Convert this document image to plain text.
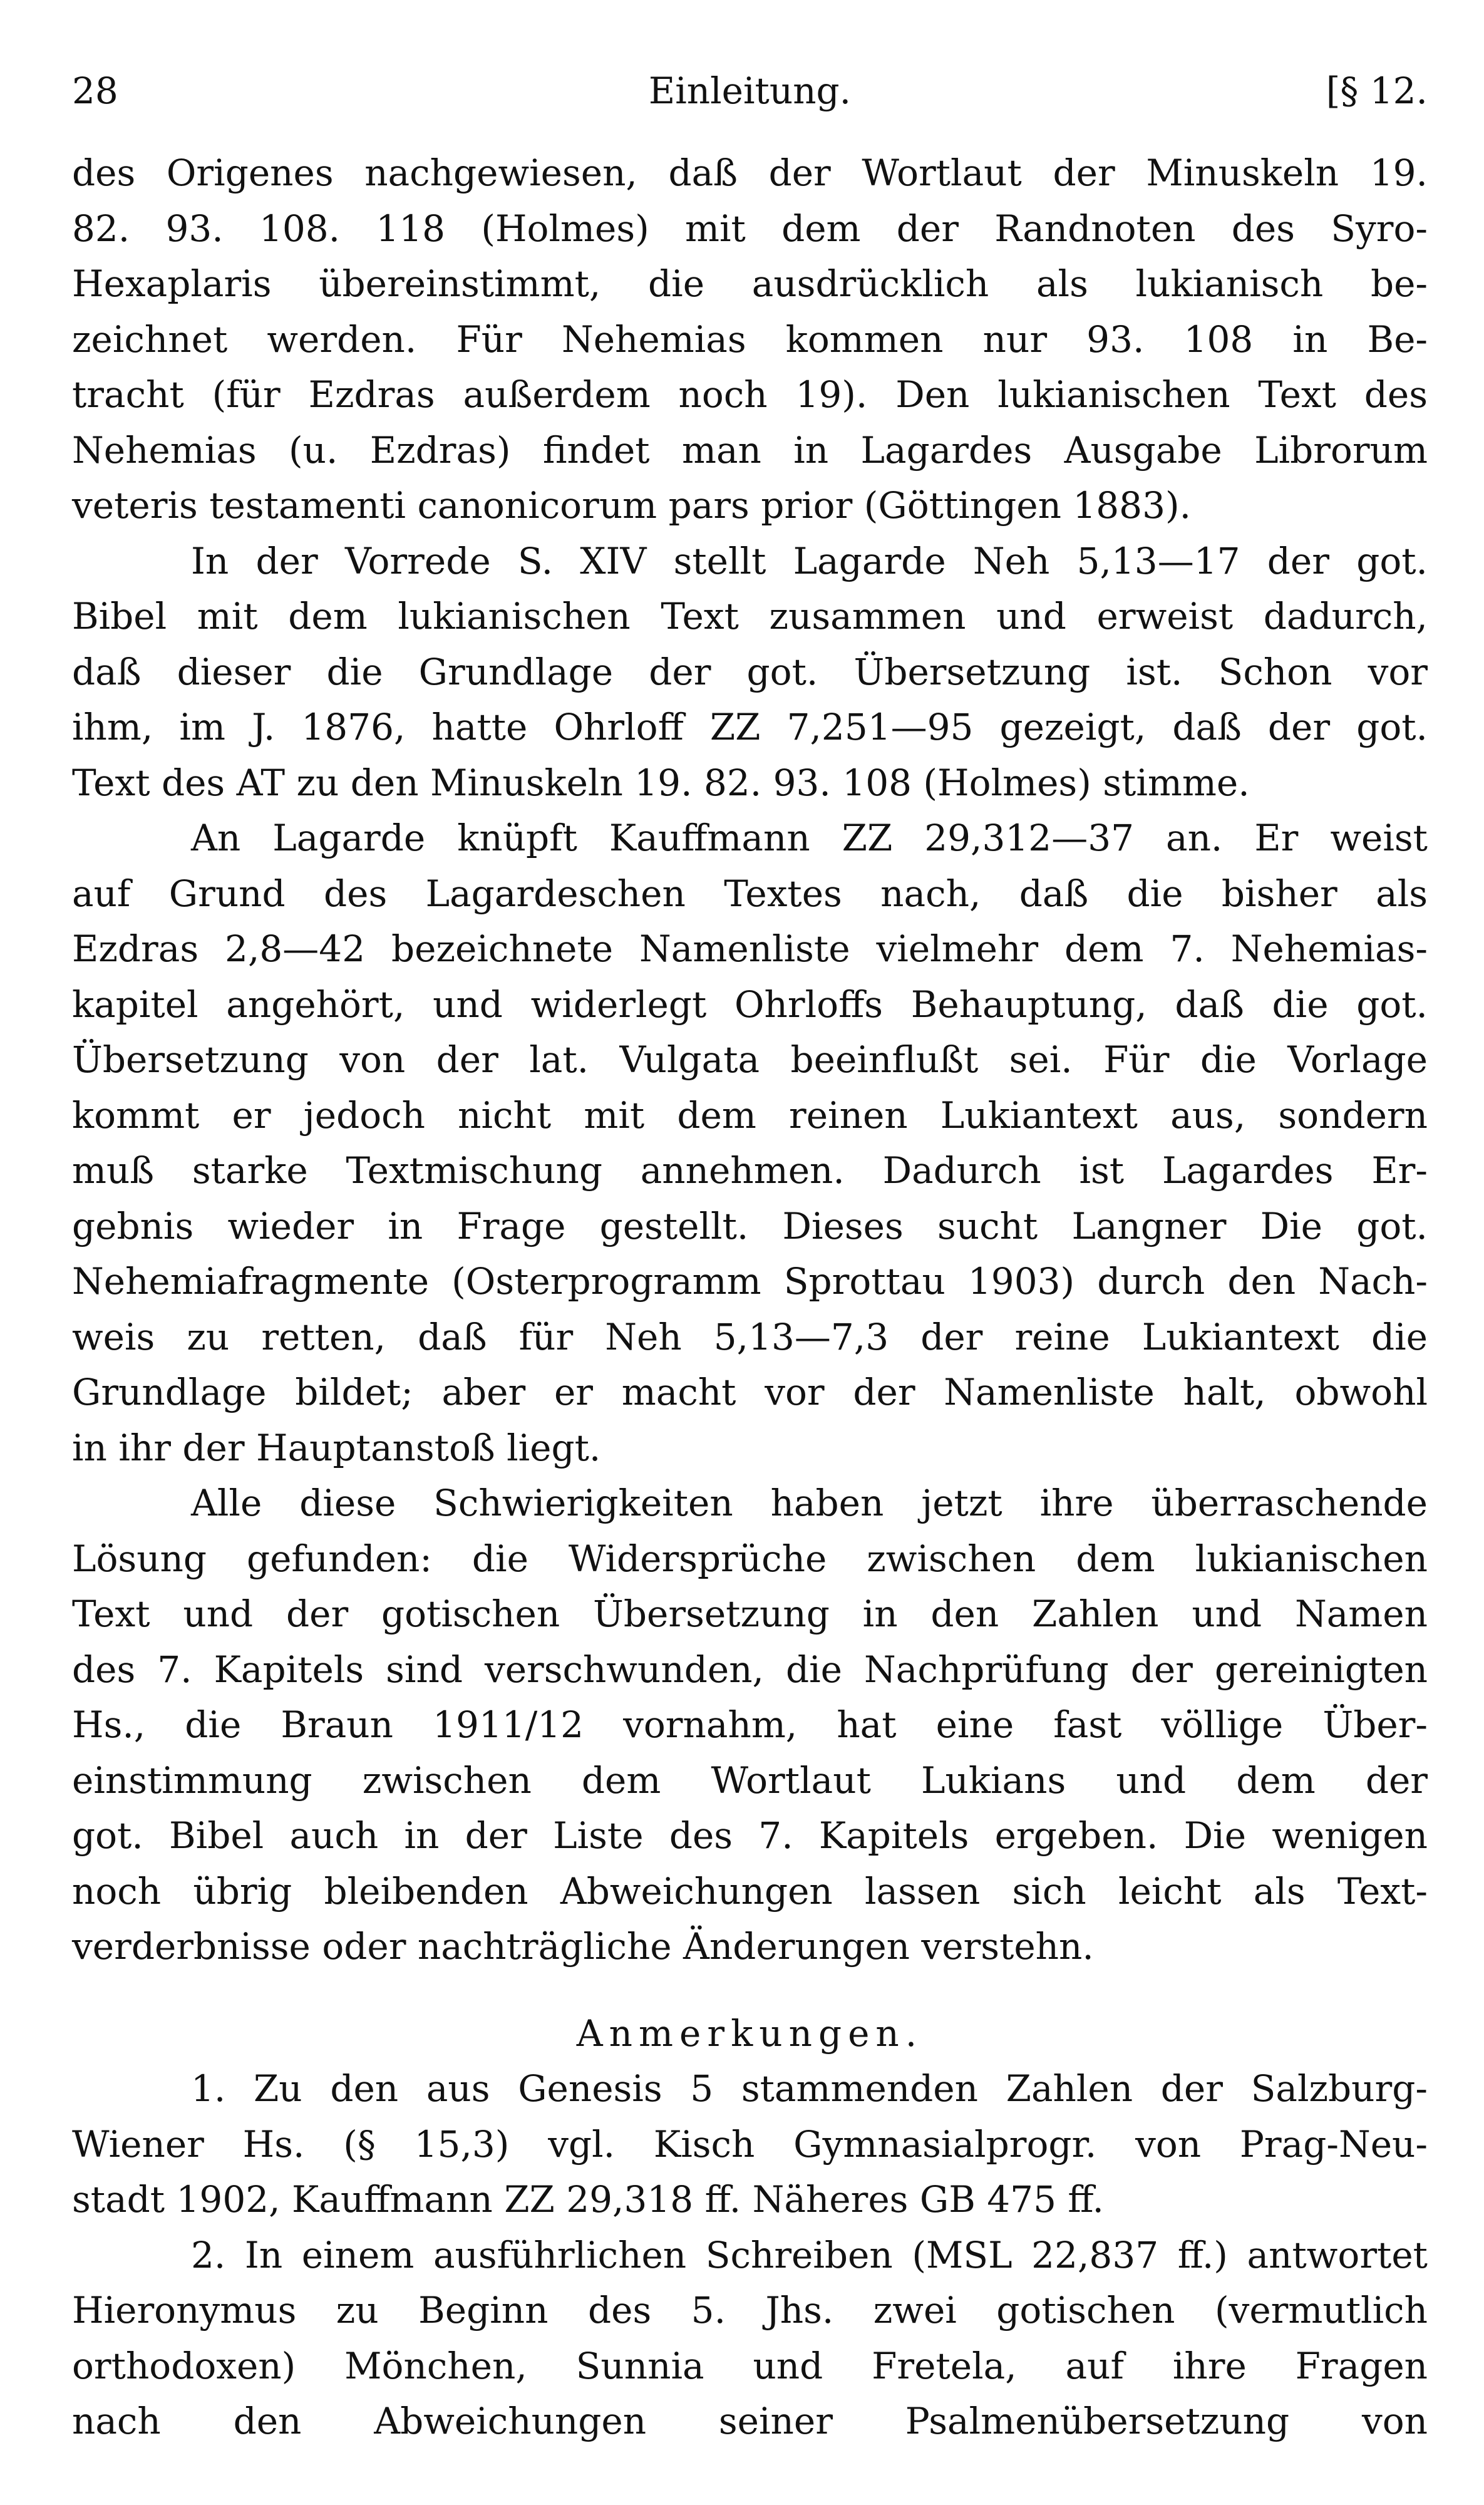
28	Einleitung.	[§ 12.
des Origenes nachgewiesen, daß der Wortlaut der Minuskeln 19.
82. 93. 108. 118 (Holmes) mit dem der Randnoten des Syro-
Hexaplaris übereinstimmt, die ausdrücklich als lukianisch be-
zeichnet werden. Für Nehemias kommen nur 93. 108 in Be-
tracht (für Ezdras außerdem noch 19). Den lukianischen Text des
Nehemias (u. Ezdras) findet man in Lagardes Ausgabe Librorum
veteris testamenti canonicorum pars prior (Göttingen 1883).
In der Vorrede S. XIV stellt Lagarde Neh 5,13—17 der got.
Bibel mit dem lukianischen Text zusammen und erweist dadurch,
daß dieser die Grundlage der got. Übersetzung ist. Schon vor
ihm, im J. 1876, hatte Ohrloff ZZ 7,251—95 gezeigt, daß der got.
Text des AT zu den Minuskeln 19. 82. 93. 108 (Holmes) stimme.
An Lagarde knüpft Kauffmann ZZ 29,312—37 an. Er weist
auf Grund des Lagardeschen Textes nach, daß die bisher als
Ezdras 2,8—42 bezeichnete Namenliste vielmehr dem 7. Nehemias-
kapitel angehört, und widerlegt Ohrloffs Behauptung, daß die got.
Übersetzung von der lat. Vulgata beeinflußt sei. Für die Vorlage
kommt er jedoch nicht mit dem reinen Lukiantext aus, sondern
muß starke Textmischung annehmen. Dadurch ist Lagardes Er-
gebnis wieder in Frage gestellt. Dieses sucht Langner Die got.
Nehemiafragmente (Osterprogramm Sprottau 1903) durch den Nach-
weis zu retten, daß für Neh 5,13—7,3 der reine Lukiantext die
Grundlage bildet; aber er macht vor der Namenliste halt, obwohl
in ihr der Hauptanstoß liegt.
Alle diese Schwierigkeiten haben jetzt ihre überraschende
Lösung gefunden: die Widersprüche zwischen dem lukianischen
Text und der gotischen Übersetzung in den Zahlen und Namen
des 7. Kapitels sind verschwunden, die Nachprüfung der gereinigten
Hs., die Braun 1911/12 vornahm, hat eine fast völlige Über-
einstimmung zwischen dem Wortlaut Lukians und dem der
got. Bibel auch in der Liste des 7. Kapitels ergeben. Die wenigen
noch übrig bleibenden Abweichungen lassen sich leicht als Text-
verderbnisse oder nachträgliche Änderungen verstehn.
Anmerkungen.
1. Zu den aus Genesis 5 stammenden Zahlen der Salzburg-
Wiener Hs. (§ 15,3) vgl. Kisch Gymnasialprogr. von Prag-Neu-
stadt 1902, Kauffmann ZZ 29,318 ff. Näheres GB 475 ff.
2. In einem ausführlichen Schreiben (MSL 22,837 ff.) antwortet
Hieronymus zu Beginn des 5. Jhs. zwei gotischen (vermutlich
orthodoxen) Mönchen, Sunnia und Fretela, auf ihre Fragen
nach den Abweichungen seiner Psalmenübersetzung von
